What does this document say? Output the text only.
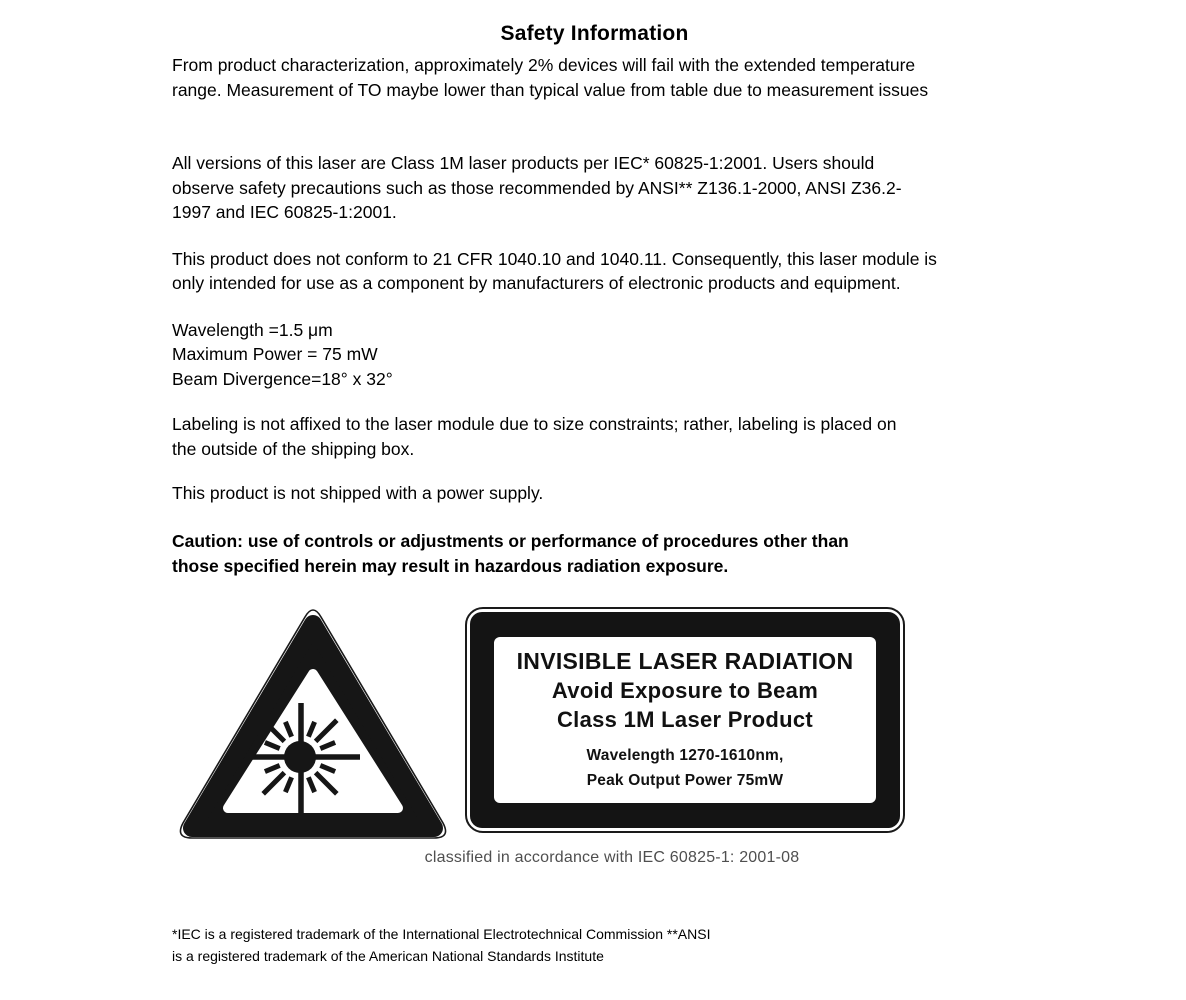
Safety Information
From product characterization, approximately 2% devices will fail with the extended temperature
range. Measurement of TO maybe lower than typical value from table due to measurement issues
All versions of this laser are Class 1M laser products per IEC* 60825-1:2001. Users should
observe safety precautions such as those recommended by ANSI** Z136.1-2000, ANSI Z36.2-
1997 and IEC 60825-1:2001.
This product does not conform to 21 CFR 1040.10 and 1040.11. Consequently, this laser module is
only intended for use as a component by manufacturers of electronic products and equipment.
Wavelength =1.5 μm
Maximum Power = 75 mW
Beam Divergence=18° x 32°
Labeling is not affixed to the laser module due to size constraints; rather, labeling is placed on
the outside of the shipping box.
This product is not shipped with a power supply.
Caution: use of controls or adjustments or performance of procedures other than
those specified herein may result in hazardous radiation exposure.
INVISIBLE LASER RADIATION
Avoid Exposure to Beam
Class 1M Laser Product
Wavelength 1270-1610nm,
Peak Output Power 75mW
classified in accordance with IEC 60825-1: 2001-08
*IEC is a registered trademark of the International Electrotechnical Commission **ANSI
is a registered trademark of the American National Standards Institute
